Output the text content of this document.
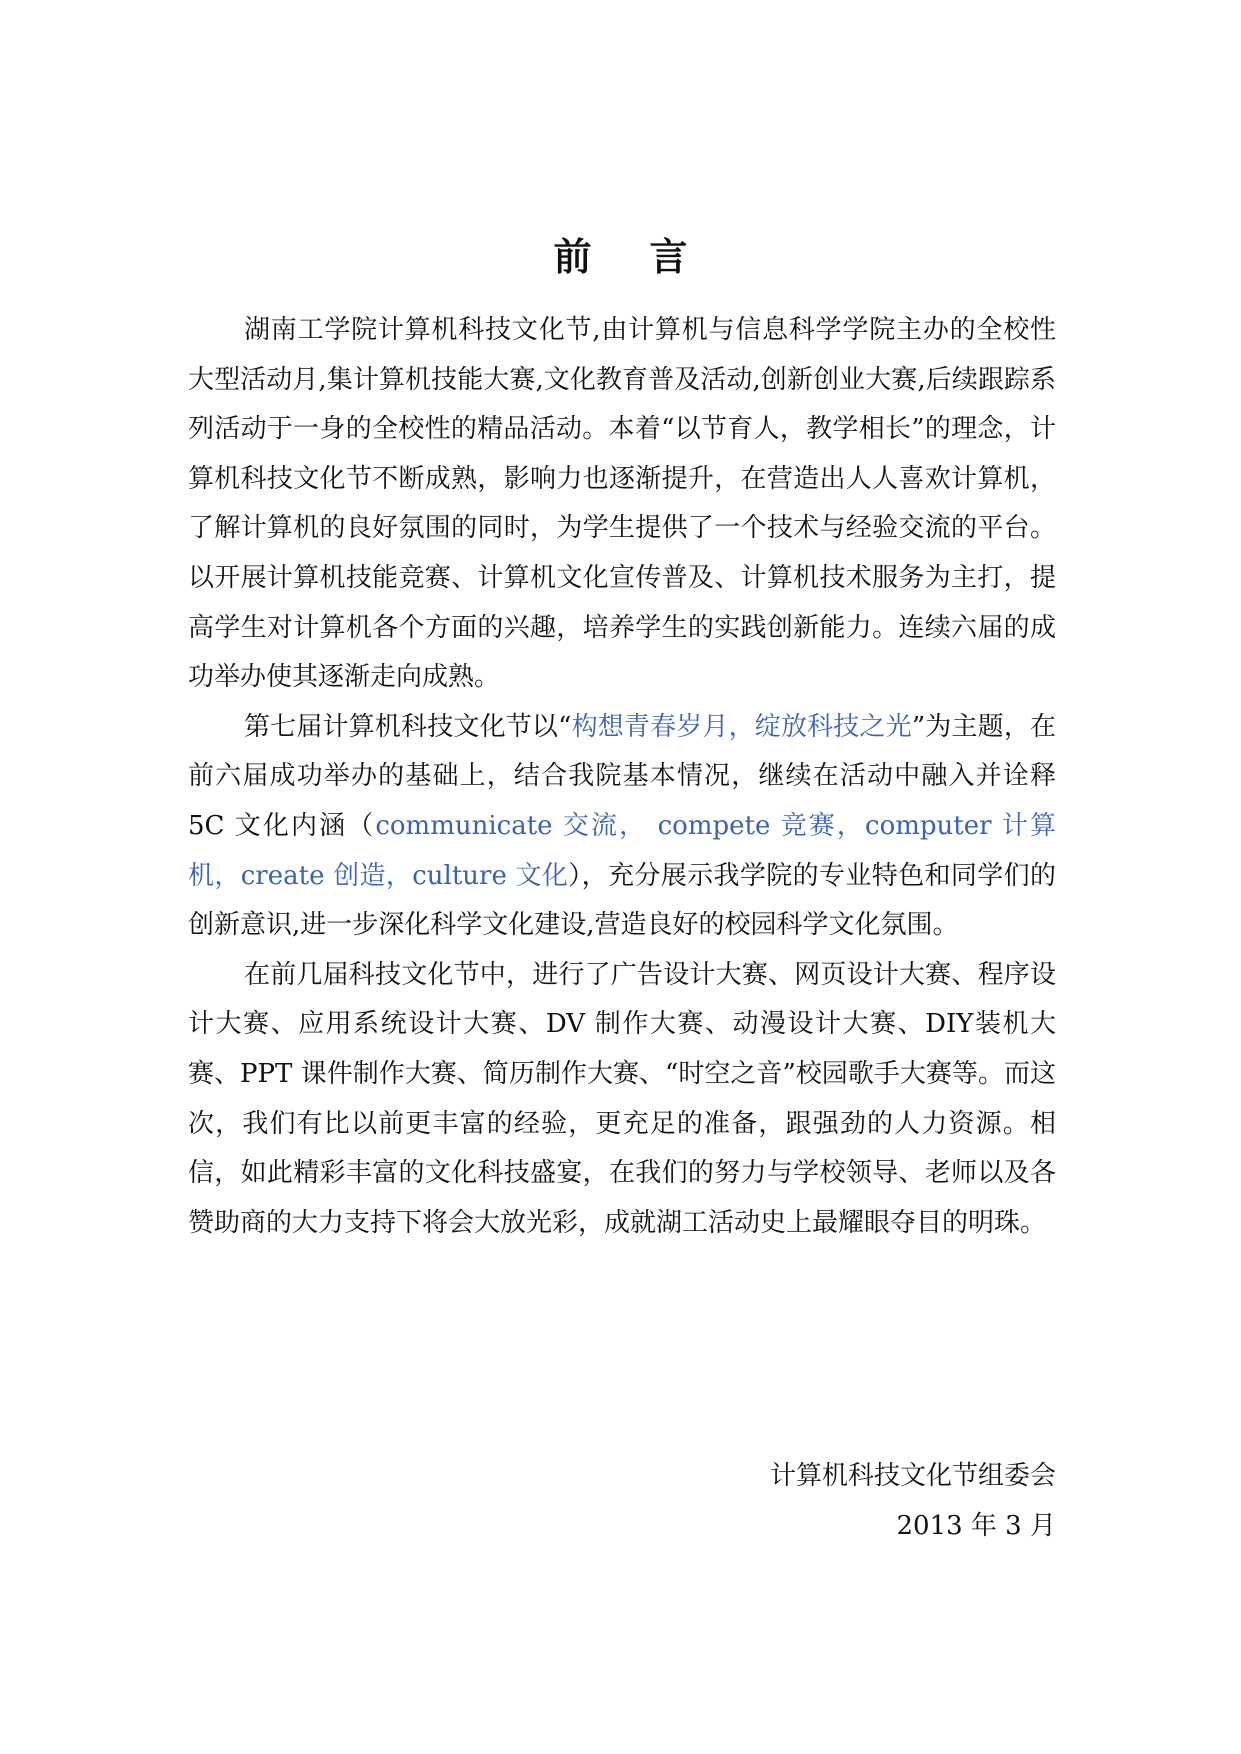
前 言

湖南工学院计算机科技文化节,由计算机与信息科学学院主办的全校性大型活动月,集计算机技能大赛,文化教育普及活动,创新创业大赛,后续跟踪系列活动于一身的全校性的精品活动。本着“以节育人，教学相长”的理念，计算机科技文化节不断成熟，影响力也逐渐提升，在营造出人人喜欢计算机，了解计算机的良好氛围的同时，为学生提供了一个技术与经验交流的平台。以开展计算机技能竞赛、计算机文化宣传普及、计算机技术服务为主打，提高学生对计算机各个方面的兴趣，培养学生的实践创新能力。连续六届的成功举办使其逐渐走向成熟。

第七届计算机科技文化节以“构想青春岁月，绽放科技之光”为主题，在前六届成功举办的基础上，结合我院基本情况，继续在活动中融入并诠释 5C 文化内涵（communicate 交流， compete 竞赛，computer 计算机，create 创造，culture 文化），充分展示我学院的专业特色和同学们的创新意识,进一步深化科学文化建设,营造良好的校园科学文化氛围。

在前几届科技文化节中，进行了广告设计大赛、网页设计大赛、程序设计大赛、应用系统设计大赛、DV 制作大赛、动漫设计大赛、DIY装机大赛、PPT 课件制作大赛、简历制作大赛、“时空之音”校园歌手大赛等。而这次，我们有比以前更丰富的经验，更充足的准备，跟强劲的人力资源。相信，如此精彩丰富的文化科技盛宴，在我们的努力与学校领导、老师以及各赞助商的大力支持下将会大放光彩，成就湖工活动史上最耀眼夺目的明珠。

计算机科技文化节组委会
2013 年 3 月
